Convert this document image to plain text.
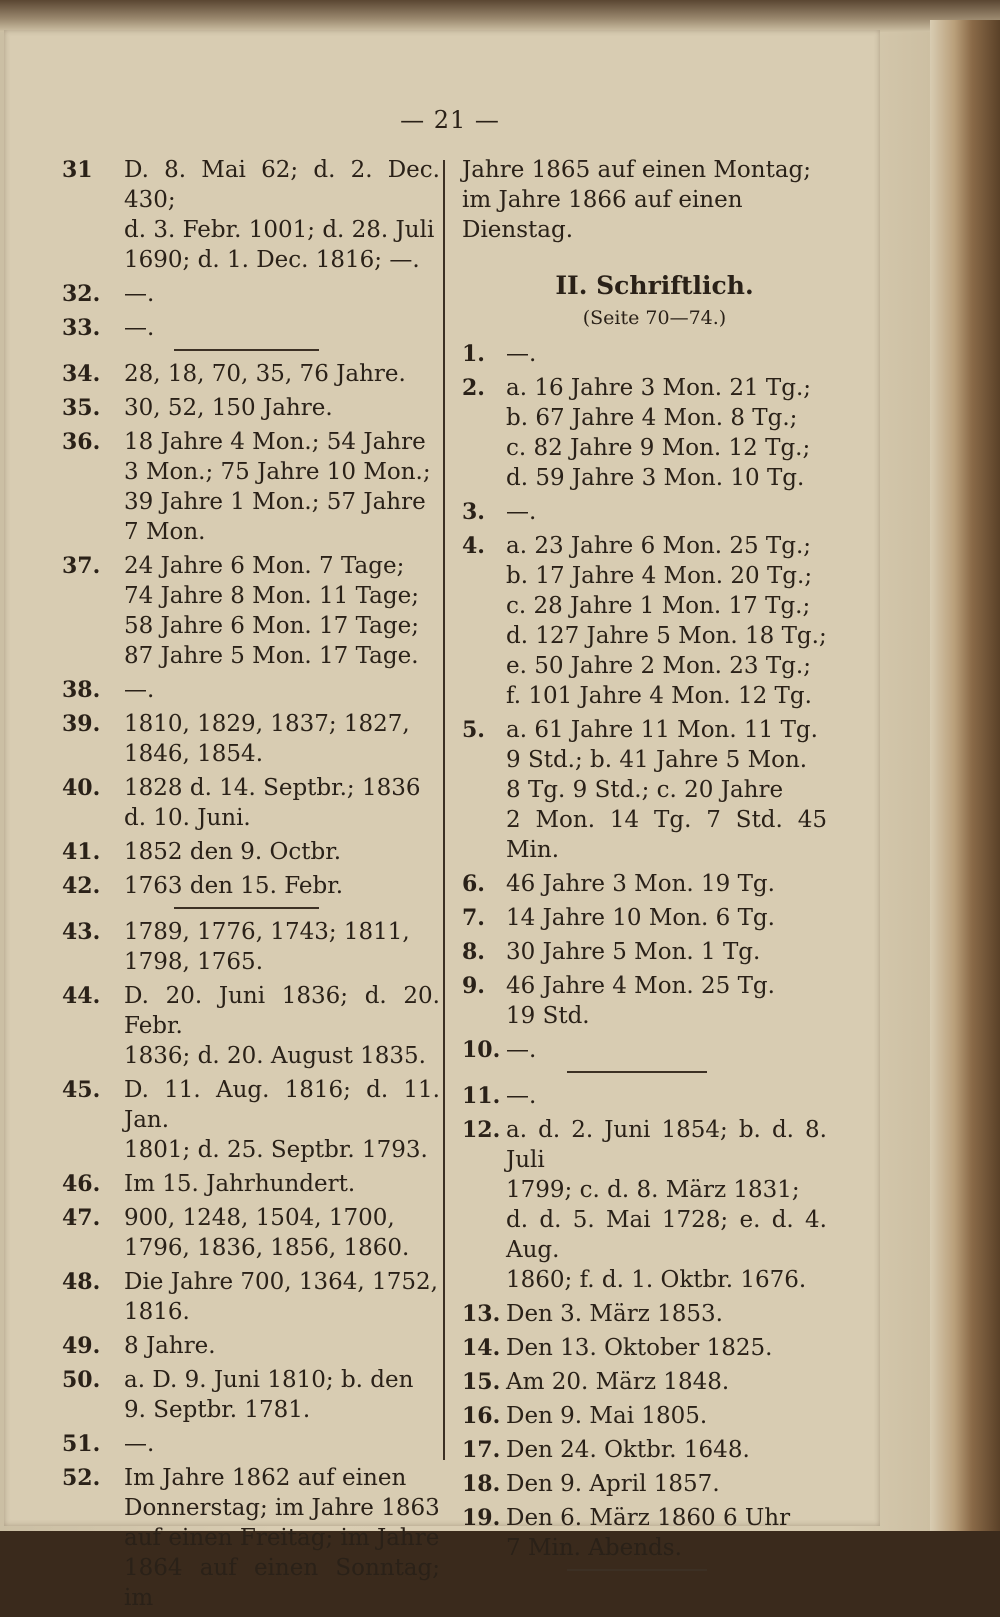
— 21 —
31	D. 8. Mai 62; d. 2. Dec. 430;
d. 3. Febr. 1001; d. 28. Juli
1690; d. 1. Dec. 1816; —.
32.	—.
33.	—.
34.	28, 18, 70, 35, 76 Jahre.
35.	30, 52, 150 Jahre.
36.	18 Jahre 4 Mon.; 54 Jahre
3 Mon.; 75 Jahre 10 Mon.;
39 Jahre 1 Mon.; 57 Jahre
7 Mon.
37.	24 Jahre 6 Mon. 7 Tage;
74 Jahre 8 Mon. 11 Tage;
58 Jahre 6 Mon. 17 Tage;
87 Jahre 5 Mon. 17 Tage.
38.	—.
39.	1810, 1829, 1837; 1827,
1846, 1854.
40.	1828 d. 14. Septbr.; 1836
d. 10. Juni.
41.	1852 den 9. Octbr.
42.	1763 den 15. Febr.
43.	1789, 1776, 1743; 1811,
1798, 1765.
44.	D. 20. Juni 1836; d. 20. Febr.
1836; d. 20. August 1835.
45.	D. 11. Aug. 1816; d. 11. Jan.
1801; d. 25. Septbr. 1793.
46.	Im 15. Jahrhundert.
47.	900, 1248, 1504, 1700,
1796, 1836, 1856, 1860.
48.	Die Jahre 700, 1364, 1752,
1816.
49.	8 Jahre.
50.	a. D. 9. Juni 1810; b. den
9. Septbr. 1781.
51.	—.
52.	Im Jahre 1862 auf einen
Donnerstag; im Jahre 1863
auf einen Freitag; im Jahre
1864 auf einen Sonntag; im
Jahre 1865 auf einen Montag;
im Jahre 1866 auf einen
Dienstag.
II. Schriftlich.
(Seite 70—74.)
1. —.
2. a. 16 Jahre 3 Mon. 21 Tg.;
b. 67 Jahre 4 Mon. 8 Tg.;
c. 82 Jahre 9 Mon. 12 Tg.;
d. 59 Jahre 3 Mon. 10 Tg.
3. —.
4. a. 23 Jahre 6 Mon. 25 Tg.;
b. 17 Jahre 4 Mon. 20 Tg.;
c. 28 Jahre 1 Mon. 17 Tg.;
d. 127 Jahre 5 Mon. 18 Tg.;
e. 50 Jahre 2 Mon. 23 Tg.;
f. 101 Jahre 4 Mon. 12 Tg.
5. a. 61 Jahre 11 Mon. 11 Tg.
9 Std.; b. 41 Jahre 5 Mon.
8 Tg. 9 Std.; c. 20 Jahre
2 Mon. 14 Tg. 7 Std. 45 Min.
6. 46 Jahre 3 Mon. 19 Tg.
7. 14 Jahre 10 Mon. 6 Tg.
8. 30 Jahre 5 Mon. 1 Tg.
9. 46 Jahre 4 Mon. 25 Tg.
19 Std.
10. —.
11. —.
12. a. d. 2. Juni 1854; b. d. 8. Juli
1799; c. d. 8. März 1831;
d. d. 5. Mai 1728; e. d. 4. Aug.
1860; f. d. 1. Oktbr. 1676.
13. Den 3. März 1853.
14. Den 13. Oktober 1825.
15. Am 20. März 1848.
16. Den 9. Mai 1805.
17. Den 24. Oktbr. 1648.
18. Den 9. April 1857.
19. Den 6. März 1860 6 Uhr
7 Min. Abends.
